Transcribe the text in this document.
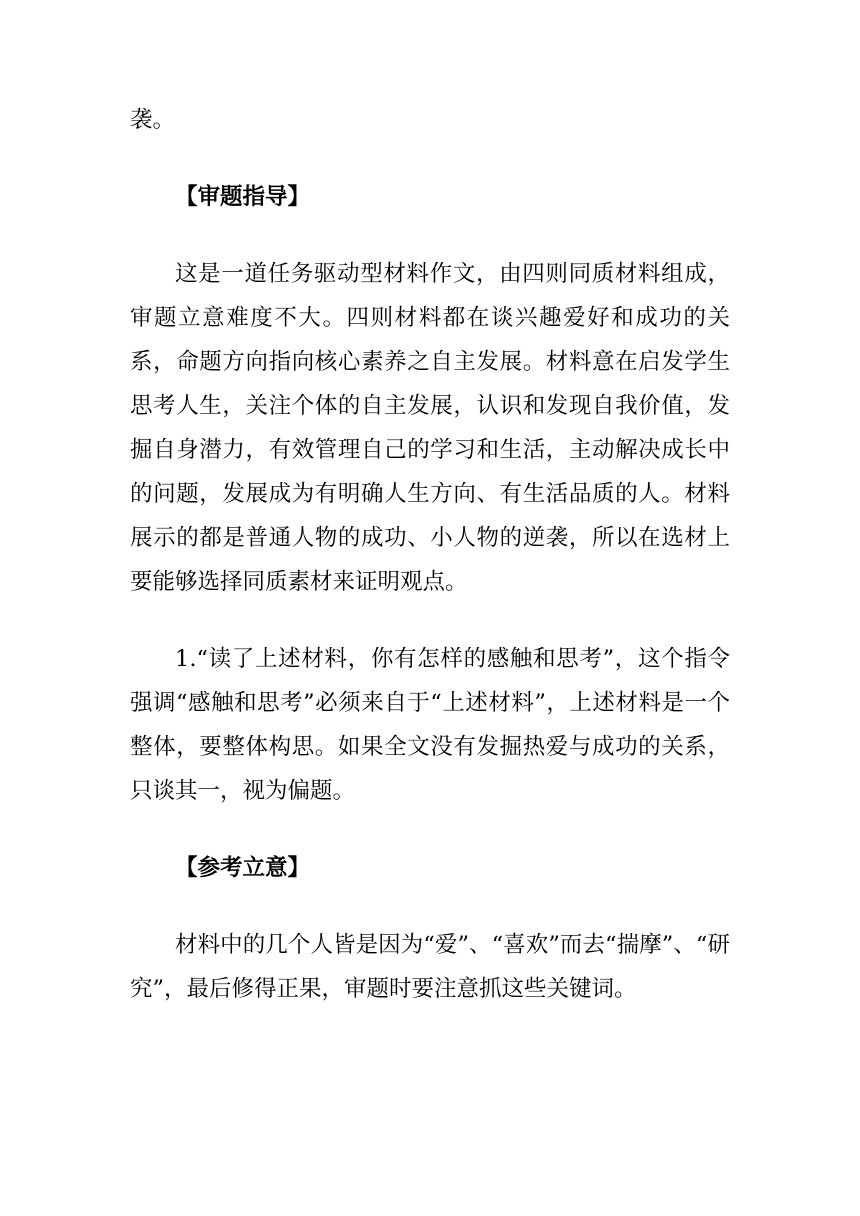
袭。

【审题指导】

这是一道任务驱动型材料作文，由四则同质材料组成，审题立意难度不大。四则材料都在谈兴趣爱好和成功的关系，命题方向指向核心素养之自主发展。材料意在启发学生思考人生，关注个体的自主发展，认识和发现自我价值，发掘自身潜力，有效管理自己的学习和生活，主动解决成长中的问题，发展成为有明确人生方向、有生活品质的人。材料展示的都是普通人物的成功、小人物的逆袭，所以在选材上要能够选择同质素材来证明观点。

1.“读了上述材料，你有怎样的感触和思考”，这个指令强调“感触和思考”必须来自于“上述材料”，上述材料是一个整体，要整体构思。如果全文没有发掘热爱与成功的关系，只谈其一，视为偏题。

【参考立意】

材料中的几个人皆是因为“爱”、“喜欢”而去“揣摩”、“研究”，最后修得正果，审题时要注意抓这些关键词。
